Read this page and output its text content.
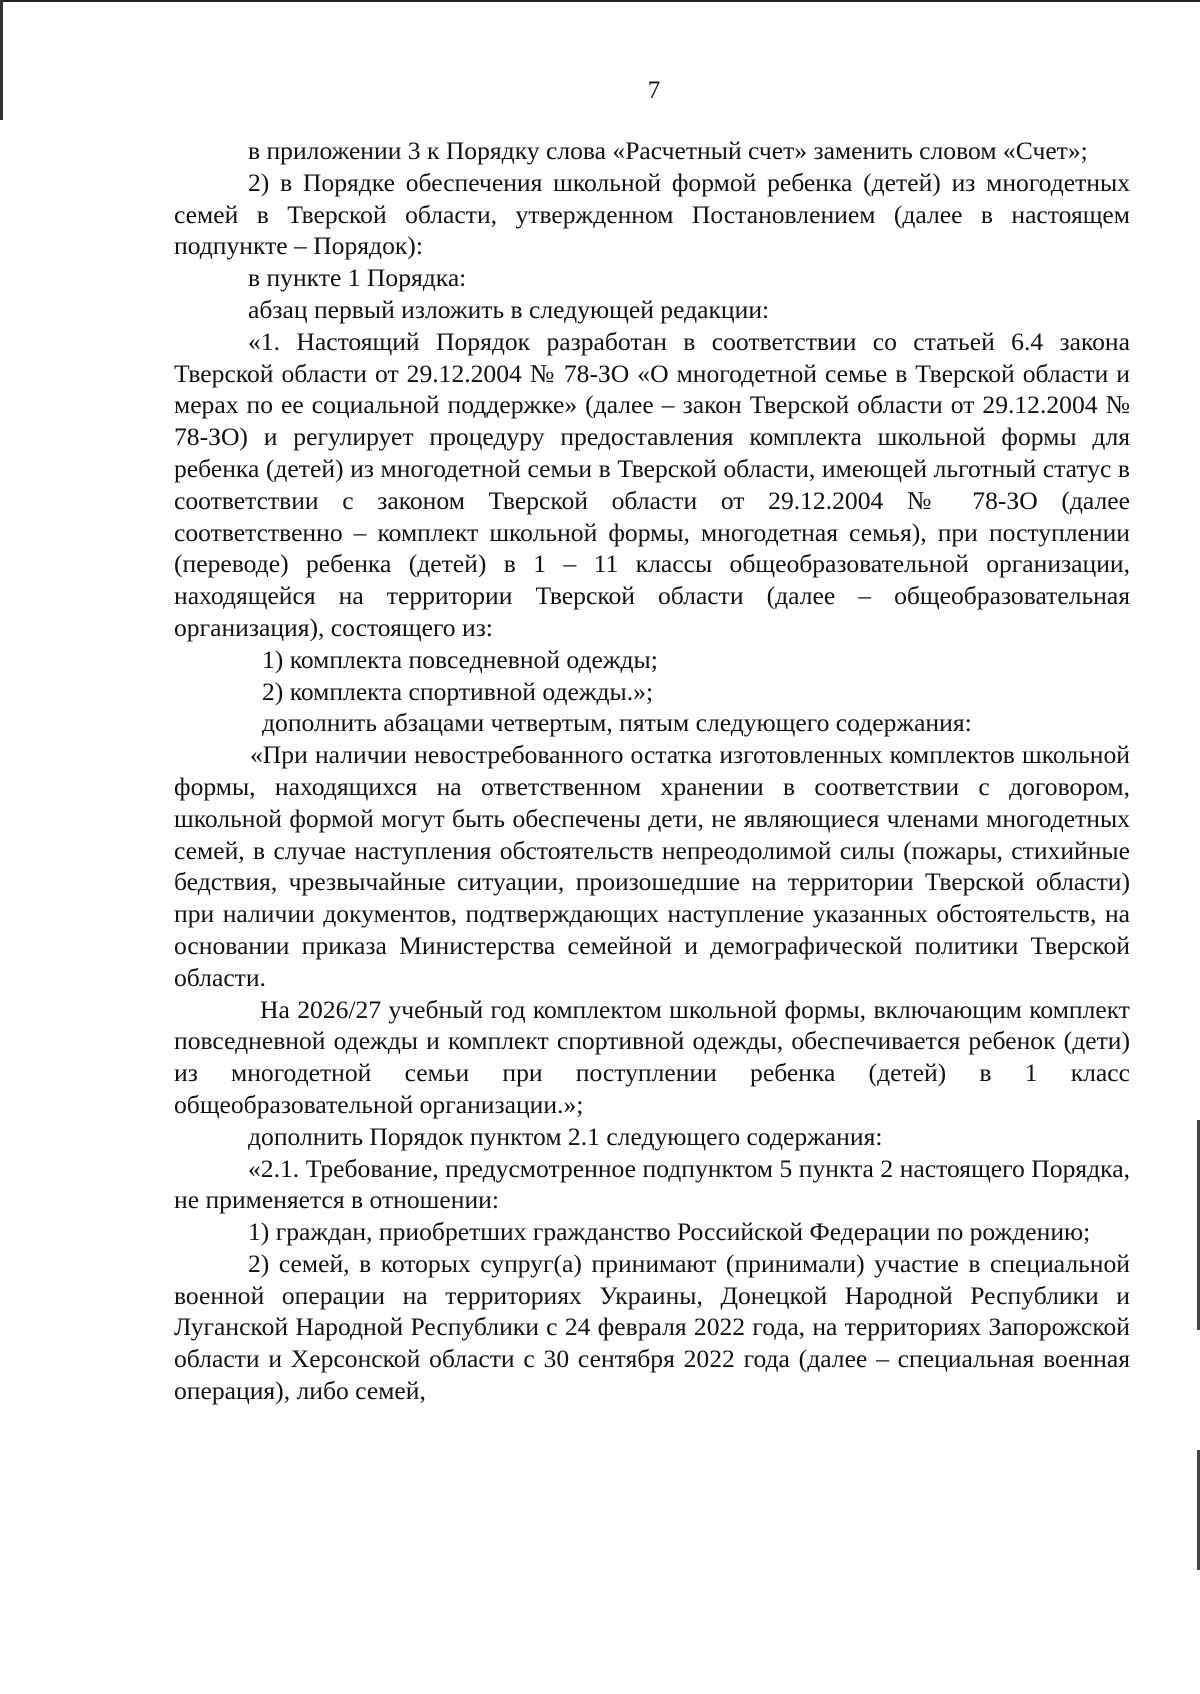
7

в приложении 3 к Порядку слова «Расчетный счет» заменить словом «Счет»;

2) в Порядке обеспечения школьной формой ребенка (детей) из многодетных семей в Тверской области, утвержденном Постановлением (далее в настоящем подпункте – Порядок):

в пункте 1 Порядка:

абзац первый изложить в следующей редакции:

«1. Настоящий Порядок разработан в соответствии со статьей 6.4 закона Тверской области от 29.12.2004 № 78-ЗО «О многодетной семье в Тверской области и мерах по ее социальной поддержке» (далее – закон Тверской области от 29.12.2004 № 78-ЗО) и регулирует процедуру предоставления комплекта школьной формы для ребенка (детей) из многодетной семьи в Тверской области, имеющей льготный статус в соответствии с законом Тверской области от 29.12.2004 № 78-ЗО (далее соответственно – комплект школьной формы, многодетная семья), при поступлении (переводе) ребенка (детей) в 1 – 11 классы общеобразовательной организации, находящейся на территории Тверской области (далее – общеобразовательная организация), состоящего из:

1) комплекта повседневной одежды;

2) комплекта спортивной одежды.»;

дополнить абзацами четвертым, пятым следующего содержания:

«При наличии невостребованного остатка изготовленных комплектов школьной формы, находящихся на ответственном хранении в соответствии с договором, школьной формой могут быть обеспечены дети, не являющиеся членами многодетных семей, в случае наступления обстоятельств непреодолимой силы (пожары, стихийные бедствия, чрезвычайные ситуации, произошедшие на территории Тверской области) при наличии документов, подтверждающих наступление указанных обстоятельств, на основании приказа Министерства семейной и демографической политики Тверской области.

На 2026/27 учебный год комплектом школьной формы, включающим комплект повседневной одежды и комплект спортивной одежды, обеспечивается ребенок (дети) из многодетной семьи при поступлении ребенка (детей) в 1 класс общеобразовательной организации.»;

дополнить Порядок пунктом 2.1 следующего содержания:

«2.1. Требование, предусмотренное подпунктом 5 пункта 2 настоящего Порядка, не применяется в отношении:

1) граждан, приобретших гражданство Российской Федерации по рождению;

2) семей, в которых супруг(а) принимают (принимали) участие в специальной военной операции на территориях Украины, Донецкой Народной Республики и Луганской Народной Республики с 24 февраля 2022 года, на территориях Запорожской области и Херсонской области с 30 сентября 2022 года (далее – специальная военная операция), либо семей,
